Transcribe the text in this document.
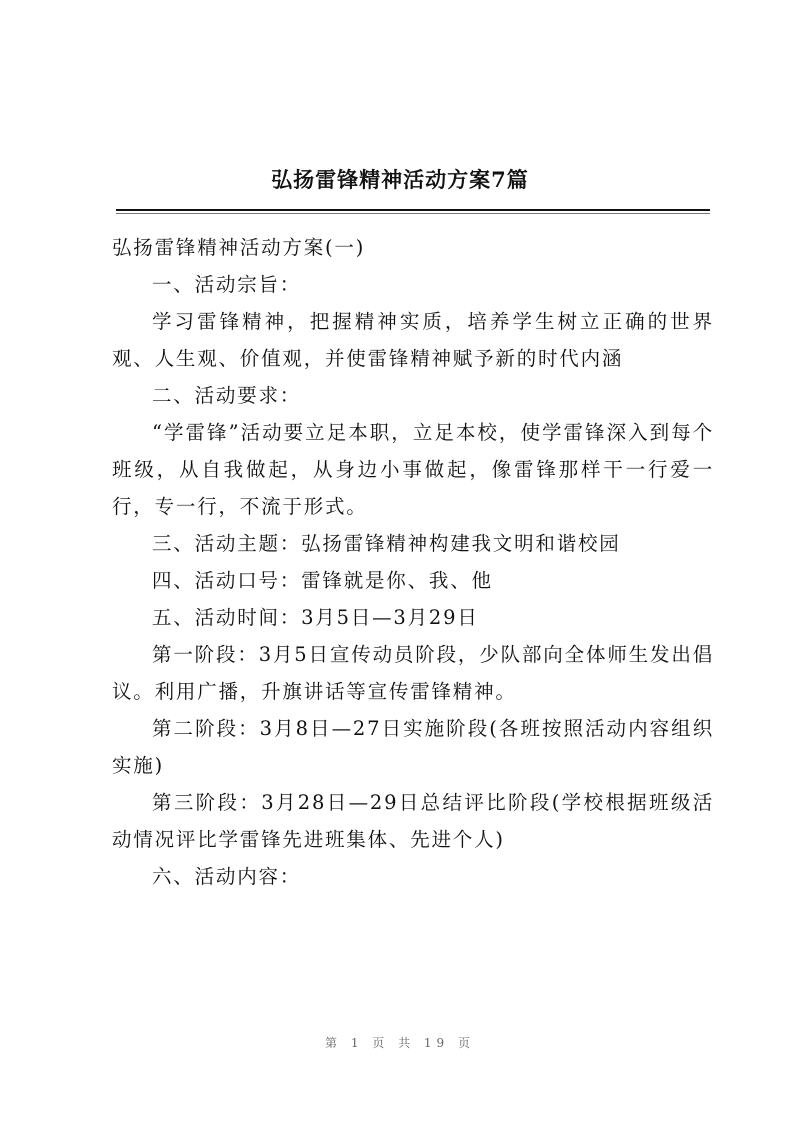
弘扬雷锋精神活动方案7篇

弘扬雷锋精神活动方案(一)

一、活动宗旨：

学习雷锋精神，把握精神实质，培养学生树立正确的世界观、人生观、价值观，并使雷锋精神赋予新的时代内涵

二、活动要求：

“学雷锋”活动要立足本职，立足本校，使学雷锋深入到每个班级，从自我做起，从身边小事做起，像雷锋那样干一行爱一行，专一行，不流于形式。

三、活动主题：弘扬雷锋精神构建我文明和谐校园

四、活动口号：雷锋就是你、我、他

五、活动时间：3月5日—3月29日

第一阶段：3月5日宣传动员阶段，少队部向全体师生发出倡议。利用广播，升旗讲话等宣传雷锋精神。

第二阶段：3月8日—27日实施阶段(各班按照活动内容组织实施)

第三阶段：3月28日—29日总结评比阶段(学校根据班级活动情况评比学雷锋先进班集体、先进个人)

六、活动内容：

第 1 页 共 19 页
